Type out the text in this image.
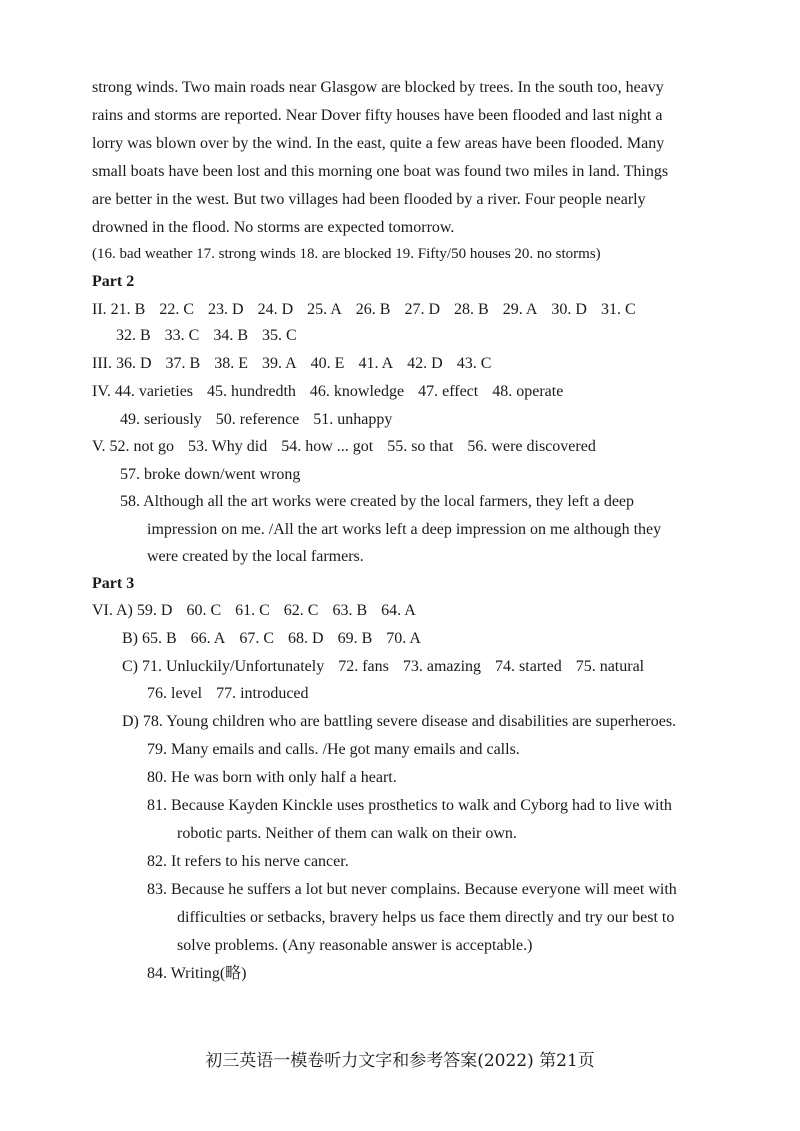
strong winds. Two main roads near Glasgow are blocked by trees. In the south too, heavy
rains and storms are reported. Near Dover fifty houses have been flooded and last night a
lorry was blown over by the wind. In the east, quite a few areas have been flooded. Many
small boats have been lost and this morning one boat was found two miles in land. Things
are better in the west. But two villages had been flooded by a river. Four people nearly
drowned in the flood. No storms are expected tomorrow.
(16. bad weather 17. strong winds 18. are blocked 19. Fifty/50 houses 20. no storms)
Part 2
II. 21. B 22. C 23. D 24. D 25. A 26. B 27. D 28. B 29. A 30. D 31. C
32. B 33. C 34. B 35. C
III. 36. D 37. B 38. E 39. A 40. E 41. A 42. D 43. C
IV. 44. varieties 45. hundredth 46. knowledge 47. effect 48. operate
49. seriously 50. reference 51. unhappy
V. 52. not go 53. Why did 54. how ... got 55. so that 56. were discovered
57. broke down/went wrong
58. Although all the art works were created by the local farmers, they left a deep
impression on me. /All the art works left a deep impression on me although they
were created by the local farmers.
Part 3
VI. A) 59. D 60. C 61. C 62. C 63. B 64. A
B) 65. B 66. A 67. C 68. D 69. B 70. A
C) 71. Unluckily/Unfortunately 72. fans 73. amazing 74. started 75. natural
76. level 77. introduced
D) 78. Young children who are battling severe disease and disabilities are superheroes.
79. Many emails and calls. /He got many emails and calls.
80. He was born with only half a heart.
81. Because Kayden Kinckle uses prosthetics to walk and Cyborg had to live with
robotic parts. Neither of them can walk on their own.
82. It refers to his nerve cancer.
83. Because he suffers a lot but never complains. Because everyone will meet with
difficulties or setbacks, bravery helps us face them directly and try our best to
solve problems. (Any reasonable answer is acceptable.)
84. Writing(略)
初三英语一模卷听力文字和参考答案(2022) 第21页
